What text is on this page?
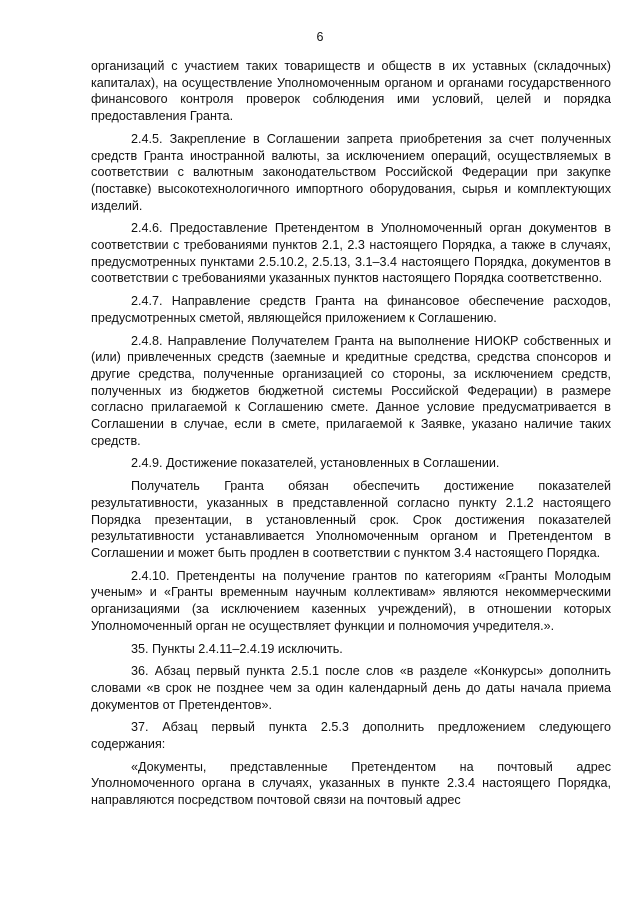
6

организаций с участием таких товариществ и обществ в их уставных (складочных) капиталах), на осуществление Уполномоченным органом и органами государственного финансового контроля проверок соблюдения ими условий, целей и порядка предоставления Гранта.

2.4.5. Закрепление в Соглашении запрета приобретения за счет полученных средств Гранта иностранной валюты, за исключением операций, осуществляемых в соответствии с валютным законодательством Российской Федерации при закупке (поставке) высокотехнологичного импортного оборудования, сырья и комплектующих изделий.

2.4.6. Предоставление Претендентом в Уполномоченный орган документов в соответствии с требованиями пунктов 2.1, 2.3 настоящего Порядка, а также в случаях, предусмотренных пунктами 2.5.10.2, 2.5.13, 3.1–3.4 настоящего Порядка, документов в соответствии с требованиями указанных пунктов настоящего Порядка соответственно.

2.4.7. Направление средств Гранта на финансовое обеспечение расходов, предусмотренных сметой, являющейся приложением к Соглашению.

2.4.8. Направление Получателем Гранта на выполнение НИОКР собственных и (или) привлеченных средств (заемные и кредитные средства, средства спонсоров и другие средства, полученные организацией со стороны, за исключением средств, полученных из бюджетов бюджетной системы Российской Федерации) в размере согласно прилагаемой к Соглашению смете. Данное условие предусматривается в Соглашении в случае, если в смете, прилагаемой к Заявке, указано наличие таких средств.

2.4.9. Достижение показателей, установленных в Соглашении.

Получатель Гранта обязан обеспечить достижение показателей результативности, указанных в представленной согласно пункту 2.1.2 настоящего Порядка презентации, в установленный срок. Срок достижения показателей результативности устанавливается Уполномоченным органом и Претендентом в Соглашении и может быть продлен в соответствии с пунктом 3.4 настоящего Порядка.

2.4.10. Претенденты на получение грантов по категориям «Гранты Молодым ученым» и «Гранты временным научным коллективам» являются некоммерческими организациями (за исключением казенных учреждений), в отношении которых Уполномоченный орган не осуществляет функции и полномочия учредителя.».

35. Пункты 2.4.11–2.4.19 исключить.

36. Абзац первый пункта 2.5.1 после слов «в разделе «Конкурсы» дополнить словами «в срок не позднее чем за один календарный день до даты начала приема документов от Претендентов».

37. Абзац первый пункта 2.5.3 дополнить предложением следующего содержания:

«Документы, представленные Претендентом на почтовый адрес Уполномоченного органа в случаях, указанных в пункте 2.3.4 настоящего Порядка, направляются посредством почтовой связи на почтовый адрес
